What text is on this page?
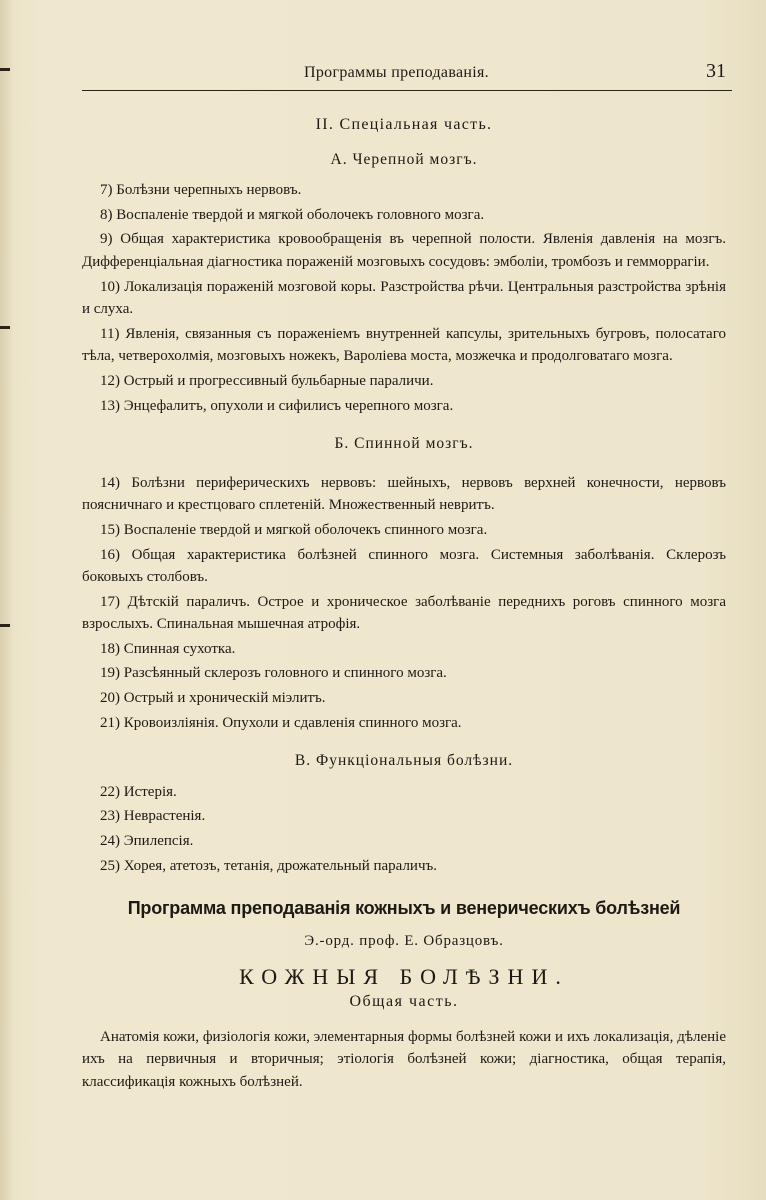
Программы преподаванія.	31
II. Спеціальная часть.
А. Черепной мозгъ.

7) Болѣзни черепныхъ нервовъ.

8) Воспаленіе твердой и мягкой оболочекъ головного мозга.

9) Общая характеристика кровообращенія въ черепной полости. Явленія давленія на мозгъ. Дифференціальная діагностика пораженій мозговыхъ сосудовъ: эмболіи, тромбозъ и геммоppaгiи.

10) Локализація пораженій мозговой коры. Разстройства рѣчи. Центральныя разстройства зрѣнія и слуха.

11) Явленія, связанныя съ пораженіемъ внутренней капсулы, зрительныхъ бугровъ, полосатаго тѣла, четверохолмія, мозговыхъ ножекъ, Вароліева моста, мозжечка и продолговатаго мозга.

12) Острый и прогрессивный бульбарные параличи.

13) Энцефалитъ, опухоли и сифилисъ черепного мозга.

Б. Спинной мозгъ.

14) Болѣзни периферическихъ нервовъ: шейныхъ, нервовъ верхней конечности, нервовъ поясничнаго и крестцоваго сплетеній. Множественный невритъ.

15) Воспаленіе твердой и мягкой оболочекъ спинного мозга.

16) Общая характеристика болѣзней спинного мозга. Системныя заболѣванія. Склерозъ боковыхъ столбовъ.

17) Дѣтскій параличъ. Острое и хроническое заболѣваніе переднихъ роговъ спинного мозга взрослыхъ. Спинальная мышечная атрофія.

18) Спинная сухотка.

19) Разсѣянный склерозъ головного и спинного мозга.

20) Острый и хроническій міэлитъ.

21) Кровоизліянія. Опухоли и сдавленія спинного мозга.

В. Функціональныя болѣзни.

22) Истерія.

23) Неврастенія.

24) Эпилепсія.

25) Хорея, атетозъ, тетанія, дрожательный параличъ.

Программа преподаванія кожныхъ и венерическихъ болѣзней
Э.-орд. проф. Е. Образцовъ.
КОЖНЫЯ БОЛѢЗНИ.
Общая часть.

Анатомія кожи, физіологія кожи, элементарныя формы болѣзней кожи и ихъ локализація, дѣленіе ихъ на первичныя и вторичныя; этіологія болѣзней кожи; діагностика, общая терапія, классификація кожныхъ болѣзней.
